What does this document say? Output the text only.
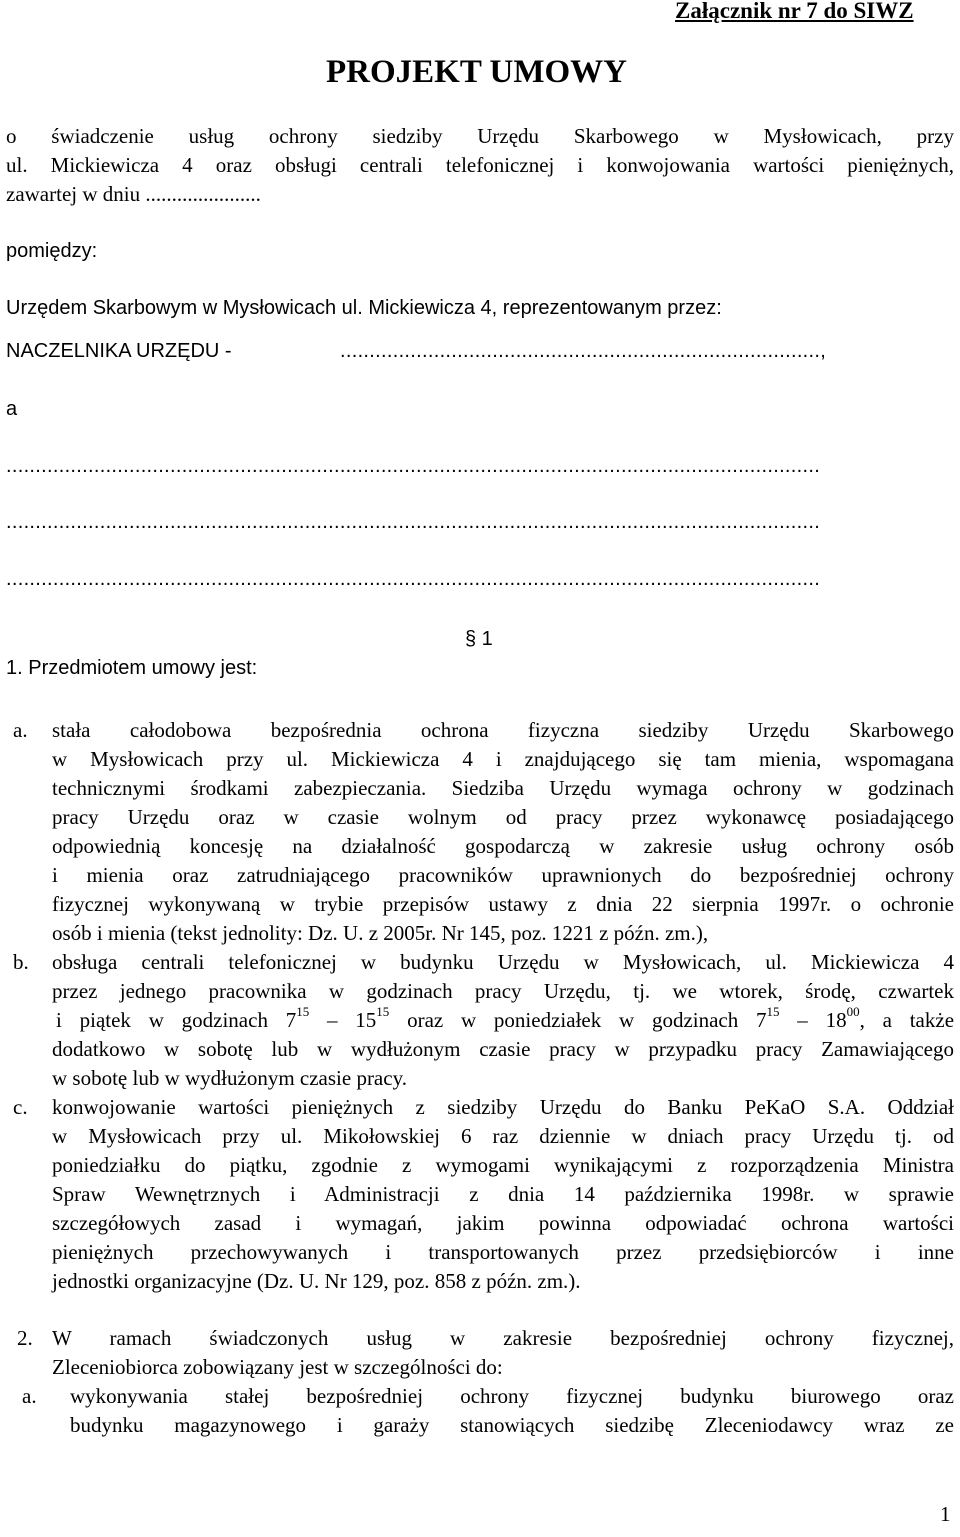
Załącznik nr 7 do SIWZ
PROJEKT UMOWY
o świadczenie usług ochrony siedziby Urzędu Skarbowego w Mysłowicach, przy
ul. Mickiewicza 4 oraz obsługi centrali telefonicznej i konwojowania wartości pieniężnych,
zawartej w dniu ......................
pomiędzy:
Urzędem Skarbowym w Mysłowicach ul. Mickiewicza 4, reprezentowanym przez:
NACZELNIKA URZĘDU -	..................................................................................,
a
...........................................................................................................................................
...........................................................................................................................................
...........................................................................................................................................
§ 1
1. Przedmiotem umowy jest:
a. stała całodobowa bezpośrednia ochrona fizyczna siedziby Urzędu Skarbowego

w Mysłowicach przy ul. Mickiewicza 4 i znajdującego się tam mienia, wspomagana

technicznymi środkami zabezpieczania. Siedziba Urzędu wymaga ochrony w godzinach

pracy Urzędu oraz w czasie wolnym od pracy przez wykonawcę posiadającego

odpowiednią koncesję na działalność gospodarczą w zakresie usług ochrony osób

i mienia oraz zatrudniającego pracowników uprawnionych do bezpośredniej ochrony

fizycznej wykonywaną w trybie przepisów ustawy z dnia 22 sierpnia 1997r. o ochronie

osób i mienia (tekst jednolity: Dz. U. z 2005r. Nr 145, poz. 1221 z późn. zm.),

b. obsługa centrali telefonicznej w budynku Urzędu w Mysłowicach, ul. Mickiewicza 4

przez jednego pracownika w godzinach pracy Urzędu, tj. we wtorek, środę, czwartek

i piątek w godzinach $7^{15} - 15^{15}$ oraz w poniedziałek w godzinach $7^{15} - 18^{00}$, a także

dodatkowo w sobotę lub w wydłużonym czasie pracy w przypadku pracy Zamawiającego

w sobotę lub w wydłużonym czasie pracy.

c. konwojowanie wartości pieniężnych z siedziby Urzędu do Banku PeKaO S.A. Oddział

w Mysłowicach przy ul. Mikołowskiej 6 raz dziennie w dniach pracy Urzędu tj. od

poniedziałku do piątku, zgodnie z wymogami wynikającymi z rozporządzenia Ministra

Spraw Wewnętrznych i Administracji z dnia 14 października 1998r. w sprawie

szczegółowych zasad i wymagań, jakim powinna odpowiadać ochrona wartości

pieniężnych przechowywanych i transportowanych przez przedsiębiorców i inne

jednostki organizacyjne (Dz. U. Nr 129, poz. 858 z późn. zm.).

2. W ramach świadczonych usług w zakresie bezpośredniej ochrony fizycznej,

Zleceniobiorca zobowiązany jest w szczególności do:

a. wykonywania stałej bezpośredniej ochrony fizycznej budynku biurowego oraz

budynku magazynowego i garaży stanowiących siedzibę Zleceniodawcy wraz ze

1
